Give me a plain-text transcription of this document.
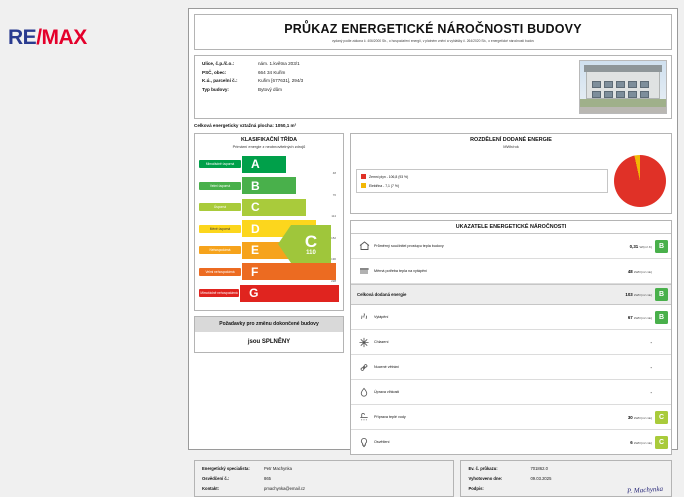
RE/MAX	PRŮKAZ ENERGETICKÉ NÁROČNOSTI BUDOVY
vydaný podle zákona č. 406/2000 Sb., o hospodaření energií, v platném znění a vyhlášky č. 264/2020 Sb., o energetické náročnosti budov
Ulice, č.p./č.o.:	nám. 1.května 203/1
PSČ, obec:	664 34 Kuřim
K.ú., parcelní č.:	Kuřim [677631], 294/3
Typ budovy:	Bytový dům
Celková energeticky vztažná plocha: 1050,1 m²
KLASIFIKAČNÍ TŘÍDA
Primární energie z neobnovitelných zdrojů
Mimořádně úsporná	A
48
Velmi úsporná	B
76
Úsporná	C
114
Méně úsporná	D
152
Nehospodárná	E
190
Velmi nehospodárná	F
228
Mimořádně nehospodárná G
C
110
Požadavky pro změnu dokončené budovy
jsou SPLNĚNY
ROZDĚLENÍ DODANÉ ENERGIE
MWh/rok
Zemní plyn - 106,8 (93 %)
Elektřina - 7,1 (7 %)
UKAZATELE ENERGETICKÉ NÁROČNOSTI
Průměrný součinitel prostupu tepla budovy	0,31 W/(m²·K) B
Měrná potřeba tepla na vytápění	48 kWh/(m²·rok)
Celková dodaná energie	103 kWh/(m²·rok) B
Vytápění	67 kWh/(m²·rok) B
Chlazení	-
Nucené větrání	-
Úprava vlhkosti	-
Příprava teplé vody	30 kWh/(m²·rok) C
Osvětlení	6 kWh/(m²·rok) C
Energetický specialista:	Petr Machynka
Osvědčení č.:	865
Kontakt:	pmachynka@email.cz
Ev. č. průkazu:	701862.0
Vyhotoveno dne:	09.03.2025
Podpis:	P. Machynka
